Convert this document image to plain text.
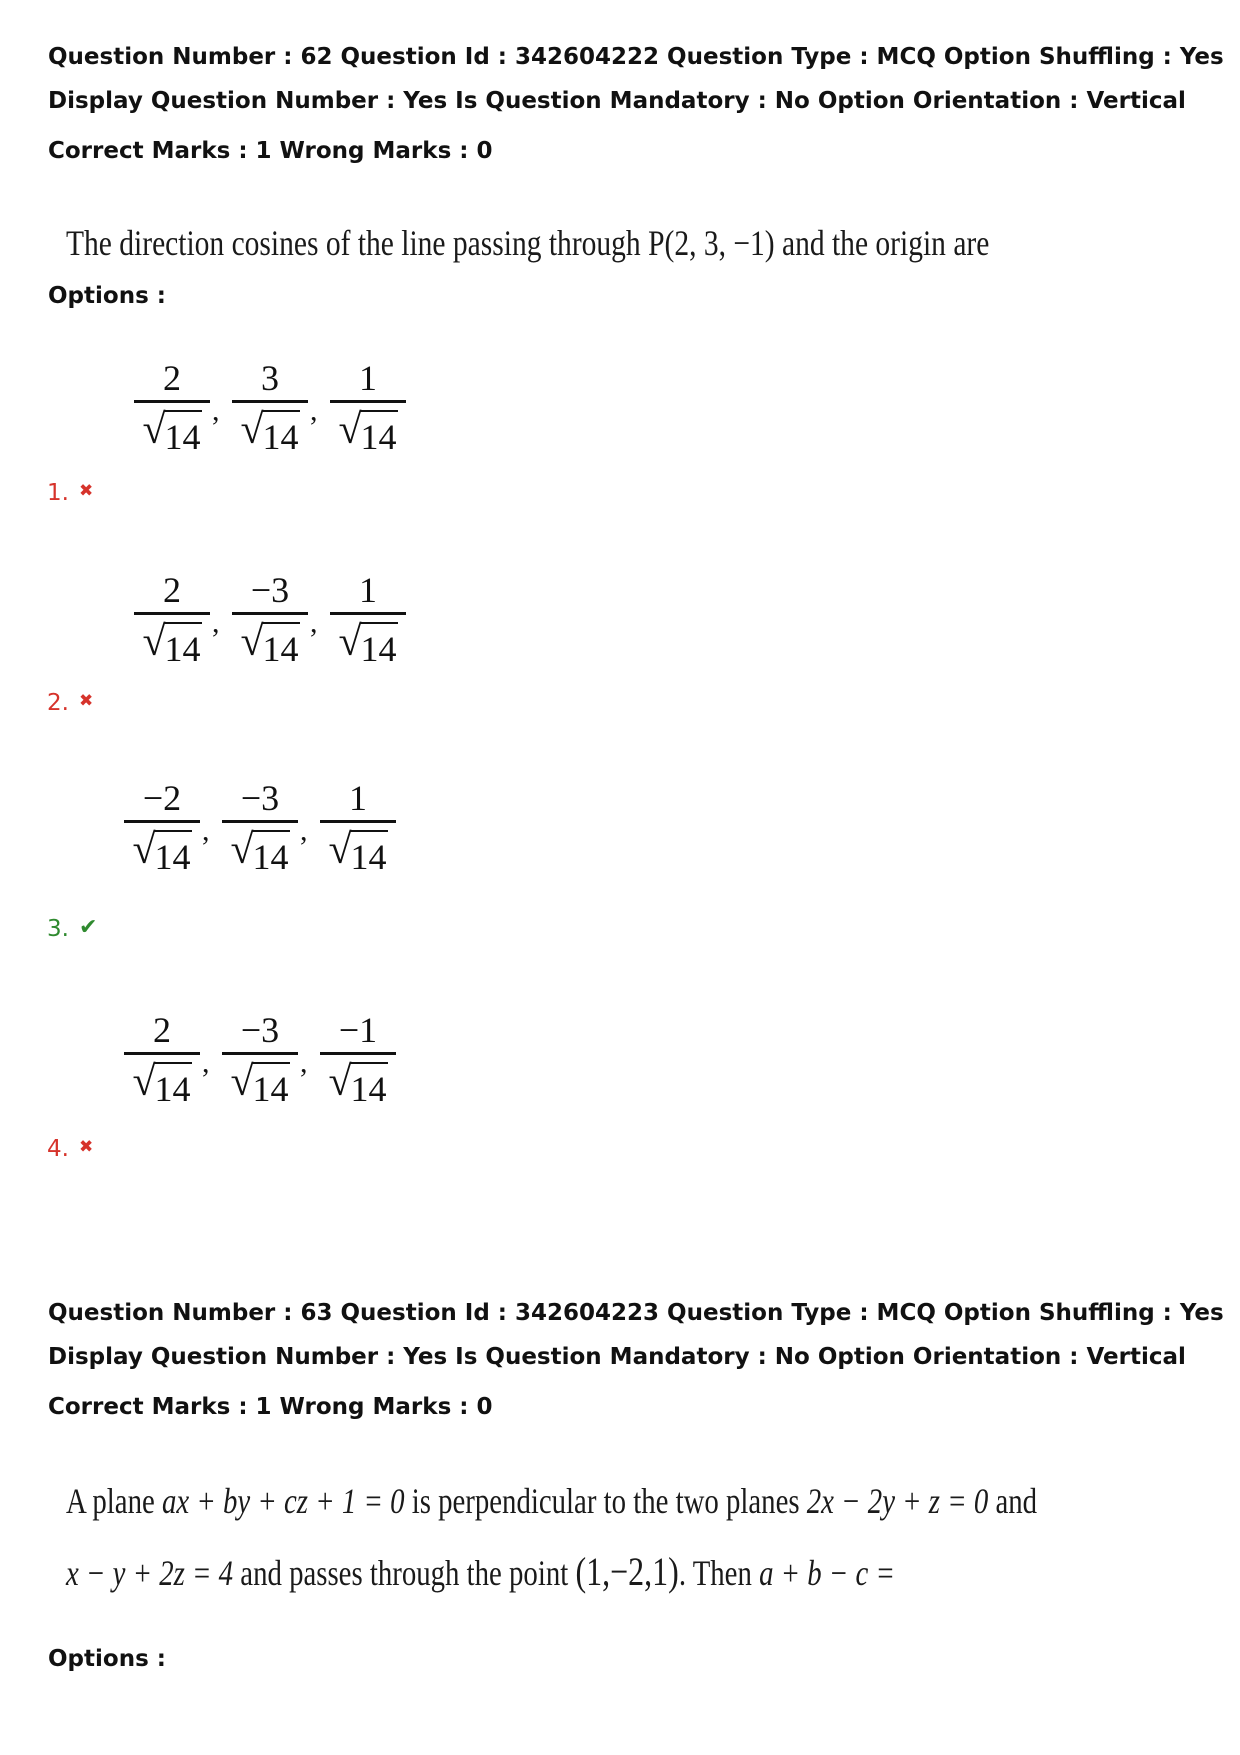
Question Number : 62 Question Id : 342604222 Question Type : MCQ Option Shuffling : Yes
Display Question Number : Yes Is Question Mandatory : No Option Orientation : Vertical
Correct Marks : 1 Wrong Marks : 0
The direction cosines of the line passing through P(2, 3, −1) and the origin are
Options :
$\frac{2}{√ 14}$ , $\frac{3}{√ 14}$ , $\frac{1}{√ 14}$
1. ✖
$\frac{2}{√ 14}$ , $\frac{-3}{√ 14}$ , $\frac{1}{√ 14}$
2. ✖
$\frac{-2}{√ 14}$ , $\frac{-3}{√ 14}$ , $\frac{1}{√ 14}$
3. ✔
$\frac{2}{√ 14}$ , $\frac{-3}{√ 14}$ , $\frac{-1}{√ 14}$
4. ✖
Question Number : 63 Question Id : 342604223 Question Type : MCQ Option Shuffling : Yes
Display Question Number : Yes Is Question Mandatory : No Option Orientation : Vertical
Correct Marks : 1 Wrong Marks : 0
A plane ax + by + cz + 1 = 0 is perpendicular to the two planes 2x − 2y + z = 0 and
x − y + 2z = 4 and passes through the point (1,−2,1). Then a + b − c =
Options :
